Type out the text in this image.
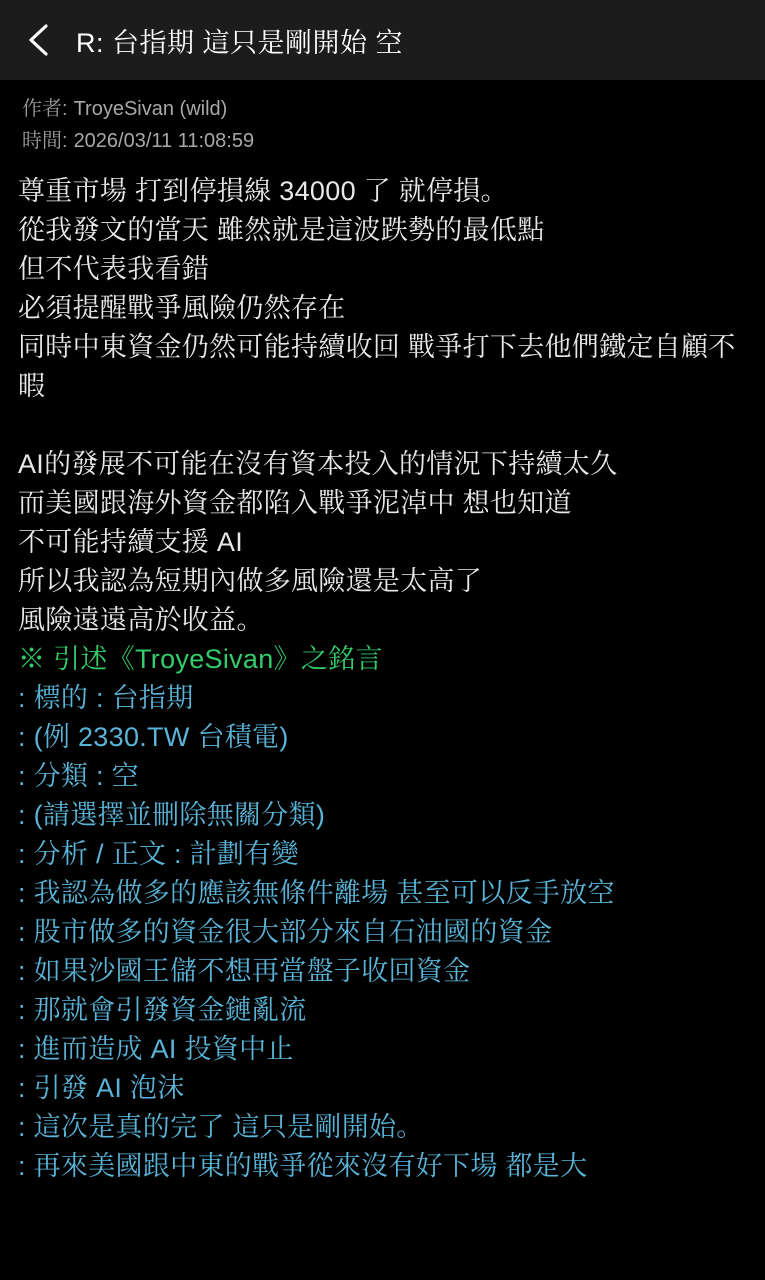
R: 台指期 這只是剛開始 空
作者: TroyeSivan (wild)
時間: 2026/03/11 11:08:59
尊重市場 打到停損線 34000 了 就停損。
從我發文的當天 雖然就是這波跌勢的最低點
但不代表我看錯
必須提醒戰爭風險仍然存在
同時中東資金仍然可能持續收回 戰爭打下去他們鐵定自顧不暇
AI的發展不可能在沒有資本投入的情況下持續太久
而美國跟海外資金都陷入戰爭泥淖中 想也知道
不可能持續支援 AI
所以我認為短期內做多風險還是太高了
風險遠遠高於收益。
※ 引述《TroyeSivan》之銘言
: 標的 : 台指期
: (例 2330.TW 台積電)
: 分類 : 空
: (請選擇並刪除無關分類)
: 分析 / 正文 : 計劃有變
: 我認為做多的應該無條件離場 甚至可以反手放空
: 股市做多的資金很大部分來自石油國的資金
: 如果沙國王儲不想再當盤子收回資金
: 那就會引發資金鏈亂流
: 進而造成 AI 投資中止
: 引發 AI 泡沫
: 這次是真的完了 這只是剛開始。
: 再來美國跟中東的戰爭從來沒有好下場 都是大
